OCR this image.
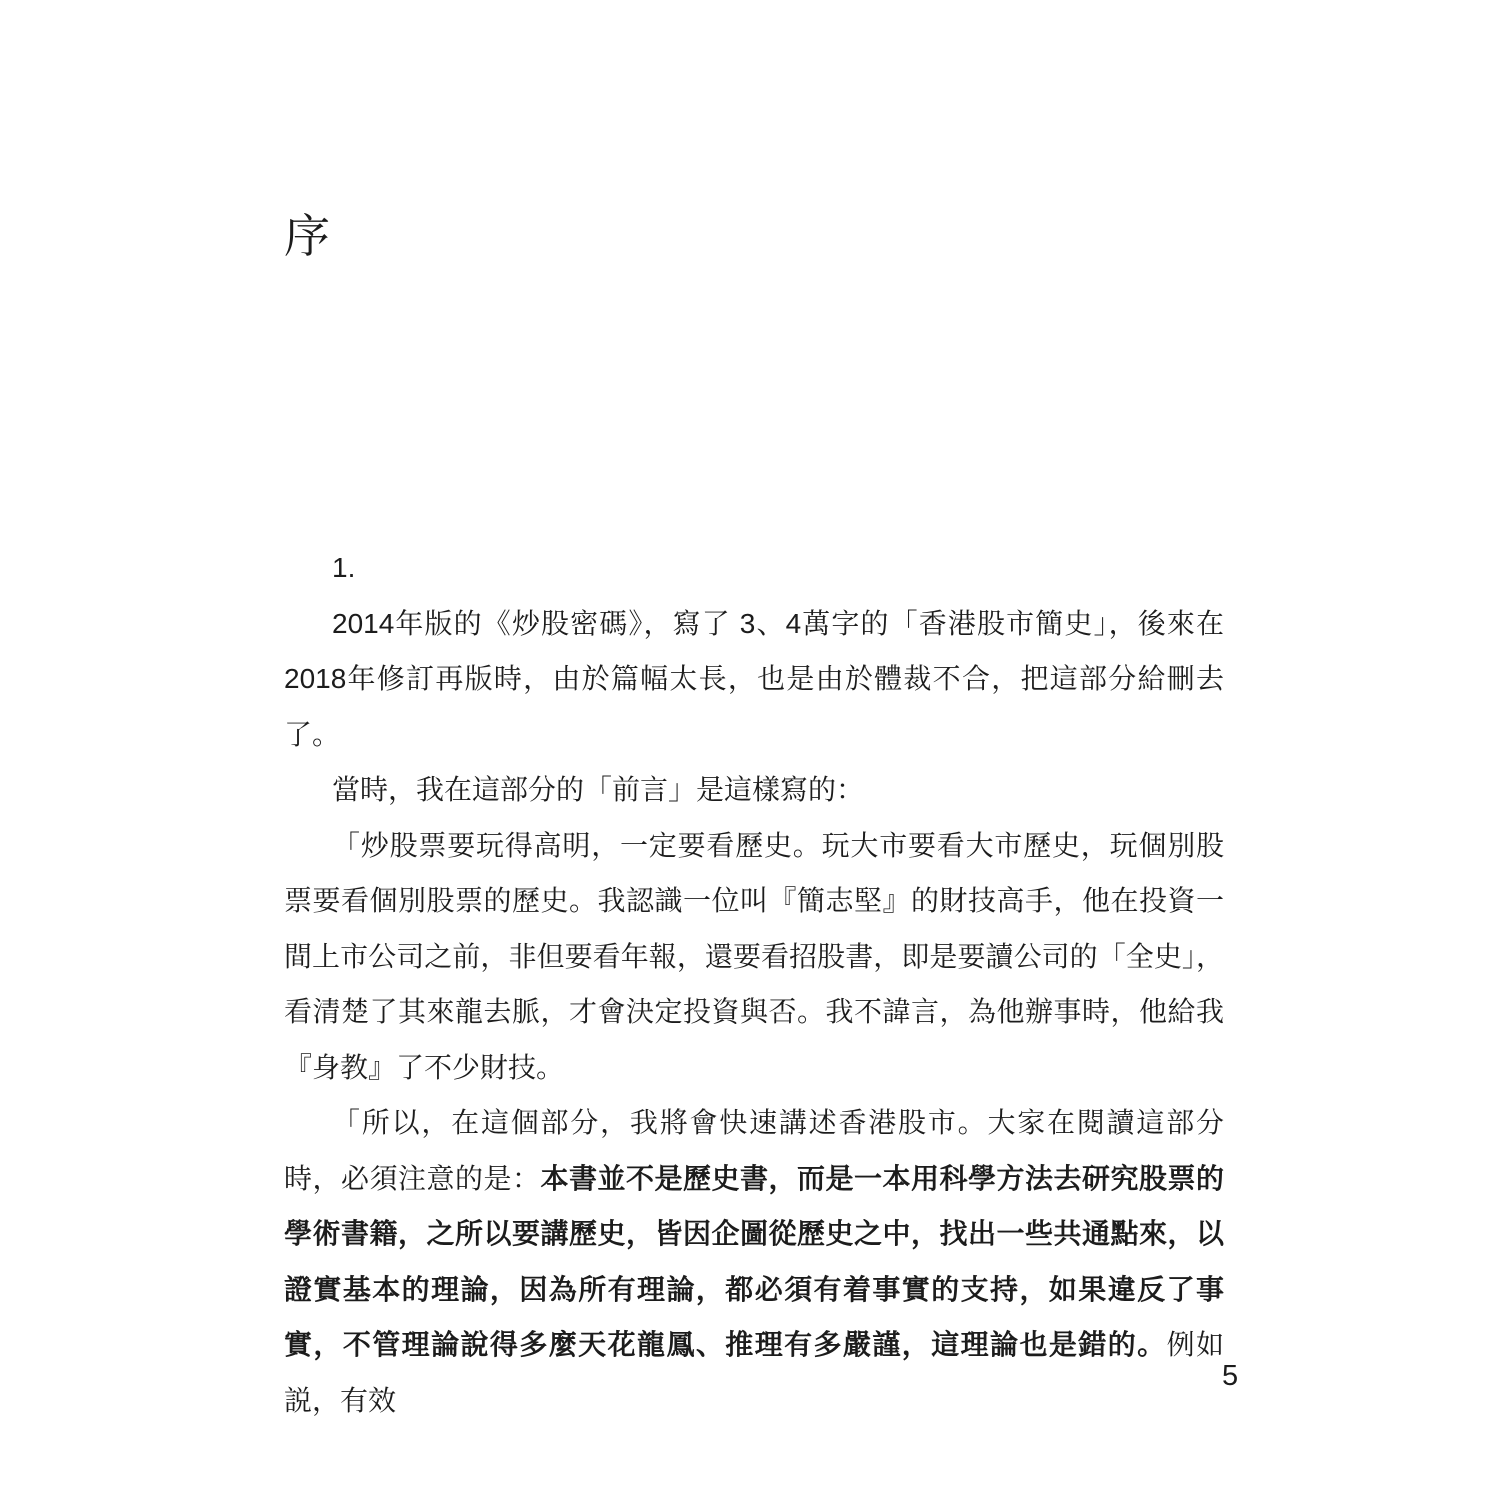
序

1.

2014年版的《炒股密碼》，寫了 3、4萬字的「香港股市簡史」，後來在2018年修訂再版時，由於篇幅太長，也是由於體裁不合，把這部分給刪去了。

當時，我在這部分的「前言」是這樣寫的：

「炒股票要玩得高明，一定要看歷史。玩大市要看大市歷史，玩個別股票要看個別股票的歷史。我認識一位叫『簡志堅』的財技高手，他在投資一間上市公司之前，非但要看年報，還要看招股書，即是要讀公司的「全史」，看清楚了其來龍去脈，才會決定投資與否。我不諱言，為他辦事時，他給我『身教』了不少財技。

「所以，在這個部分，我將會快速講述香港股市。大家在閱讀這部分時，必須注意的是：本書並不是歷史書，而是一本用科學方法去研究股票的學術書籍，之所以要講歷史，皆因企圖從歷史之中，找出一些共通點來，以證實基本的理論，因為所有理論，都必須有着事實的支持，如果違反了事實，不管理論說得多麼天花龍鳳、推理有多嚴謹，這理論也是錯的。例如説，有效

5
